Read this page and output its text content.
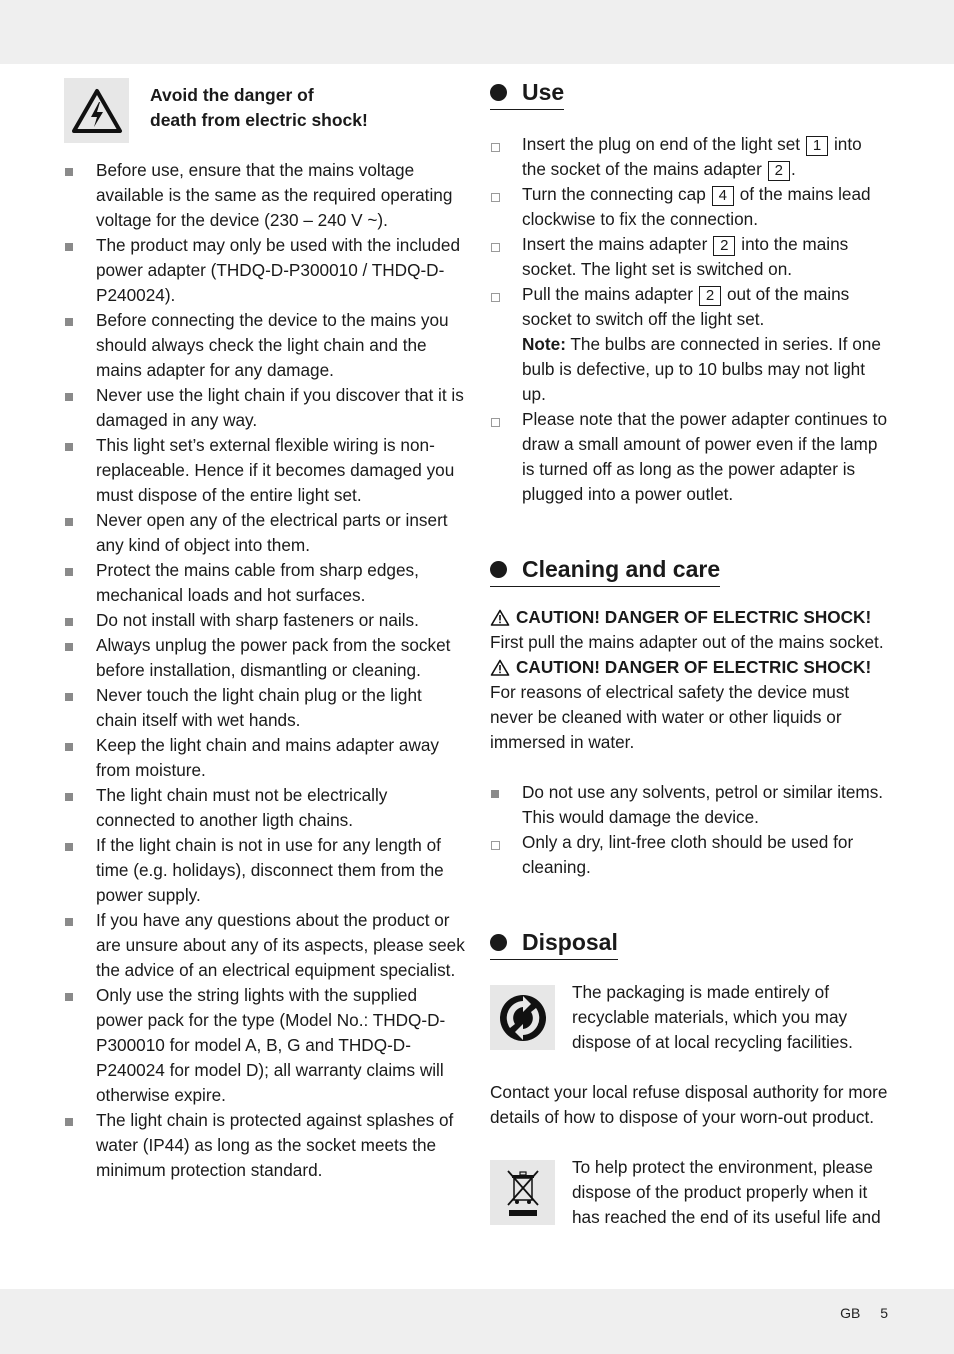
Avoid the danger of
death from electric shock!
Before use, ensure that the mains voltage available is the same as the required operating voltage for the device (230 – 240 V ~).
The product may only be used with the included power adapter (THDQ-D-P300010 / THDQ-D-P240024).
Before connecting the device to the mains you should always check the light chain and the mains adapter for any damage.
Never use the light chain if you discover that it is damaged in any way.
This light set’s external flexible wiring is non-replaceable. Hence if it becomes damaged you must dispose of the entire light set.
Never open any of the electrical parts or insert any kind of object into them.
Protect the mains cable from sharp edges, mechanical loads and hot surfaces.
Do not install with sharp fasteners or nails.
Always unplug the power pack from the socket before installation, dismantling or cleaning.
Never touch the light chain plug or the light chain itself with wet hands.
Keep the light chain and mains adapter away from moisture.
The light chain must not be electrically connected to another ligth chains.
If the light chain is not in use for any length of time (e.g. holidays), disconnect them from the power supply.
If you have any questions about the product or are unsure about any of its aspects, please seek the advice of an electrical equipment specialist.
Only use the string lights with the supplied power pack for the type (Model No.: THDQ-D-P300010 for model A, B, G and THDQ-D-P240024 for model D); all warranty claims will otherwise expire.
The light chain is protected against splashes of water (IP44) as long as the socket meets the minimum protection standard.
Use
Insert the plug on end of the light set 1 into the socket of the mains adapter 2 .
Turn the connecting cap 4 of the mains lead clockwise to fix the connection.
Insert the mains adapter 2 into the mains socket. The light set is switched on.
Pull the mains adapter 2 out of the mains socket to switch off the light set.
Note: The bulbs are connected in series. If one bulb is defective, up to 10 bulbs may not light up.
Please note that the power adapter continues to draw a small amount of power even if the lamp is turned off as long as the power adapter is plugged into a power outlet.
Cleaning and care
CAUTION! DANGER OF ELECTRIC SHOCK!

First pull the mains adapter out of the mains socket.

CAUTION! DANGER OF ELECTRIC SHOCK!

For reasons of electrical safety the device must never be cleaned with water or other liquids or immersed in water.

Do not use any solvents, petrol or similar items. This would damage the device.
Only a dry, lint-free cloth should be used for cleaning.
Disposal

The packaging is made entirely of recyclable materials, which you may dispose of at local recycling facilities.

Contact your local refuse disposal authority for more details of how to dispose of your worn-out product.

To help protect the environment, please dispose of the product properly when it has reached the end of its useful life and

GB 5
